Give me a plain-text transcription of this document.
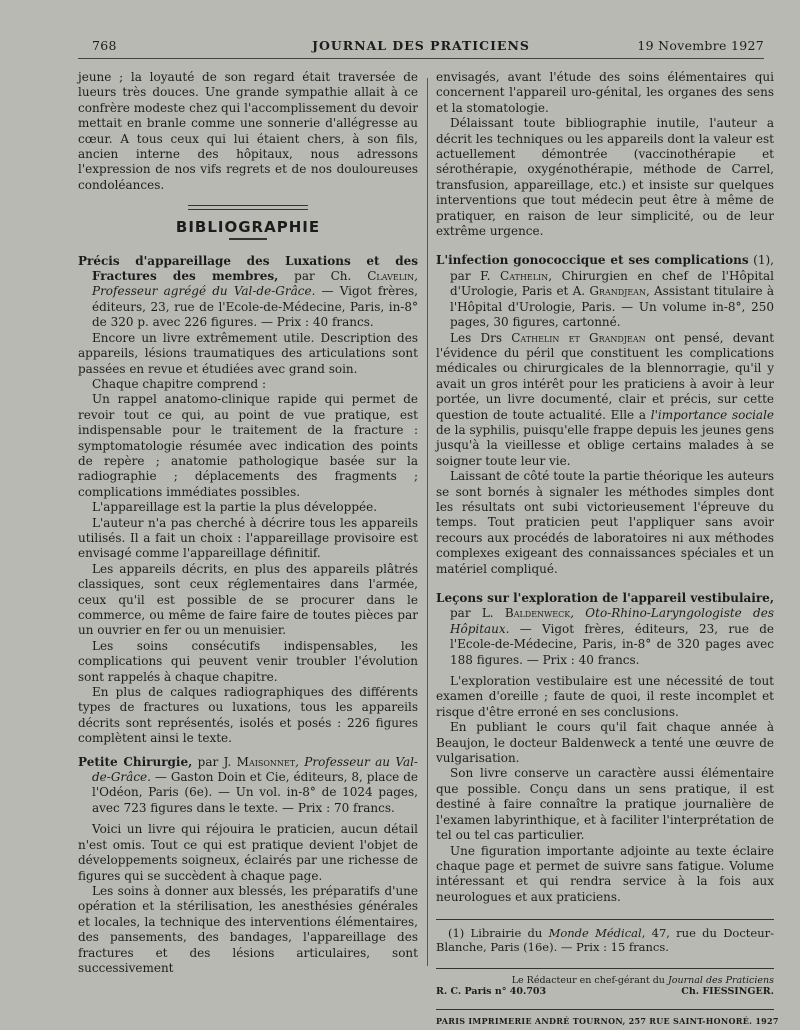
768	JOURNAL DES PRATICIENS	19 Novembre 1927

jeune ; la loyauté de son regard était traversée de lueurs très douces. Une grande sympathie allait à ce confrère modeste chez qui l'accomplissement du devoir mettait en branle comme une sonnerie d'allégresse au cœur. A tous ceux qui lui étaient chers, à son fils, ancien interne des hôpitaux, nous adressons l'expression de nos vifs regrets et de nos douloureuses condoléances.

BIBLIOGRAPHIE

Précis d'appareillage des Luxations et des Fractures des membres, par Ch. Clavelin, Professeur agrégé du Val-de-Grâce. — Vigot frères, éditeurs, 23, rue de l'Ecole-de-Médecine, Paris, in-8° de 320 p. avec 226 figures. — Prix : 40 francs.

Encore un livre extrêmement utile. Description des appareils, lésions traumatiques des articulations sont passées en revue et étudiées avec grand soin.

Chaque chapitre comprend :

Un rappel anatomo-clinique rapide qui permet de revoir tout ce qui, au point de vue pratique, est indispensable pour le traitement de la fracture : symptomatologie résumée avec indication des points de repère ; anatomie pathologique basée sur la radiographie ; déplacements des fragments ; complications immédiates possibles.

L'appareillage est la partie la plus développée.

L'auteur n'a pas cherché à décrire tous les appareils utilisés. Il a fait un choix : l'appareillage provisoire est envisagé comme l'appareillage définitif.

Les appareils décrits, en plus des appareils plâtrés classiques, sont ceux réglementaires dans l'armée, ceux qu'il est possible de se procurer dans le commerce, ou même de faire faire de toutes pièces par un ouvrier en fer ou un menuisier.

Les soins consécutifs indispensables, les complications qui peuvent venir troubler l'évolution sont rappelés à chaque chapitre.

En plus de calques radiographiques des différents types de fractures ou luxations, tous les appareils décrits sont représentés, isolés et posés : 226 figures complètent ainsi le texte.

Petite Chirurgie, par J. Maisonnet, Professeur au Val-de-Grâce. — Gaston Doin et Cie, éditeurs, 8, place de l'Odéon, Paris (6e). — Un vol. in-8° de 1024 pages, avec 723 figures dans le texte. — Prix : 70 francs.

Voici un livre qui réjouira le praticien, aucun détail n'est omis. Tout ce qui est pratique devient l'objet de développements soigneux, éclairés par une richesse de figures qui se succèdent à chaque page.

Les soins à donner aux blessés, les préparatifs d'une opération et la stérilisation, les anesthésies générales et locales, la technique des interventions élémentaires, des pansements, des bandages, l'appareillage des fractures et des lésions articulaires, sont successivement

envisagés, avant l'étude des soins élémentaires qui concernent l'appareil uro-génital, les organes des sens et la stomatologie.

Délaissant toute bibliographie inutile, l'auteur a décrit les techniques ou les appareils dont la valeur est actuellement démontrée (vaccinothérapie et sérothérapie, oxygénothérapie, méthode de Carrel, transfusion, appareillage, etc.) et insiste sur quelques interventions que tout médecin peut être à même de pratiquer, en raison de leur simplicité, ou de leur extrême urgence.

L'infection gonococcique et ses complications (1), par F. Cathelin, Chirurgien en chef de l'Hôpital d'Urologie, Paris et A. Grandjean, Assistant titulaire à l'Hôpital d'Urologie, Paris. — Un volume in-8°, 250 pages, 30 figures, cartonné.

Les Drs Cathelin et Grandjean ont pensé, devant l'évidence du péril que constituent les complications médicales ou chirurgicales de la blennorragie, qu'il y avait un gros intérêt pour les praticiens à avoir à leur portée, un livre documenté, clair et précis, sur cette question de toute actualité. Elle a l'importance sociale de la syphilis, puisqu'elle frappe depuis les jeunes gens jusqu'à la vieillesse et oblige certains malades à se soigner toute leur vie.

Laissant de côté toute la partie théorique les auteurs se sont bornés à signaler les méthodes simples dont les résultats ont subi victorieusement l'épreuve du temps. Tout praticien peut l'appliquer sans avoir recours aux procédés de laboratoires ni aux méthodes complexes exigeant des connaissances spéciales et un matériel compliqué.

Leçons sur l'exploration de l'appareil vestibulaire, par L. Baldenweck, Oto-Rhino-Laryngologiste des Hôpitaux. — Vigot frères, éditeurs, 23, rue de l'Ecole-de-Médecine, Paris, in-8° de 320 pages avec 188 figures. — Prix : 40 francs.

L'exploration vestibulaire est une nécessité de tout examen d'oreille ; faute de quoi, il reste incomplet et risque d'être erroné en ses conclusions.

En publiant le cours qu'il fait chaque année à Beaujon, le docteur Baldenweck a tenté une œuvre de vulgarisation.

Son livre conserve un caractère aussi élémentaire que possible. Conçu dans un sens pratique, il est destiné à faire connaître la pratique journalière de l'examen labyrinthique, et à faciliter l'interprétation de tel ou tel cas particulier.

Une figuration importante adjointe au texte éclaire chaque page et permet de suivre sans fatigue. Volume intéressant et qui rendra service à la fois aux neurologues et aux praticiens.

(1) Librairie du Monde Médical, 47, rue du Docteur-Blanche, Paris (16e). — Prix : 15 francs.

Le Rédacteur en chef-gérant du Journal des Praticiens
R. C. Paris n° 40.703	Ch. FIESSINGER.
PARIS IMPRIMERIE ANDRÉ TOURNON, 257 RUE SAINT-HONORÉ. 1927
